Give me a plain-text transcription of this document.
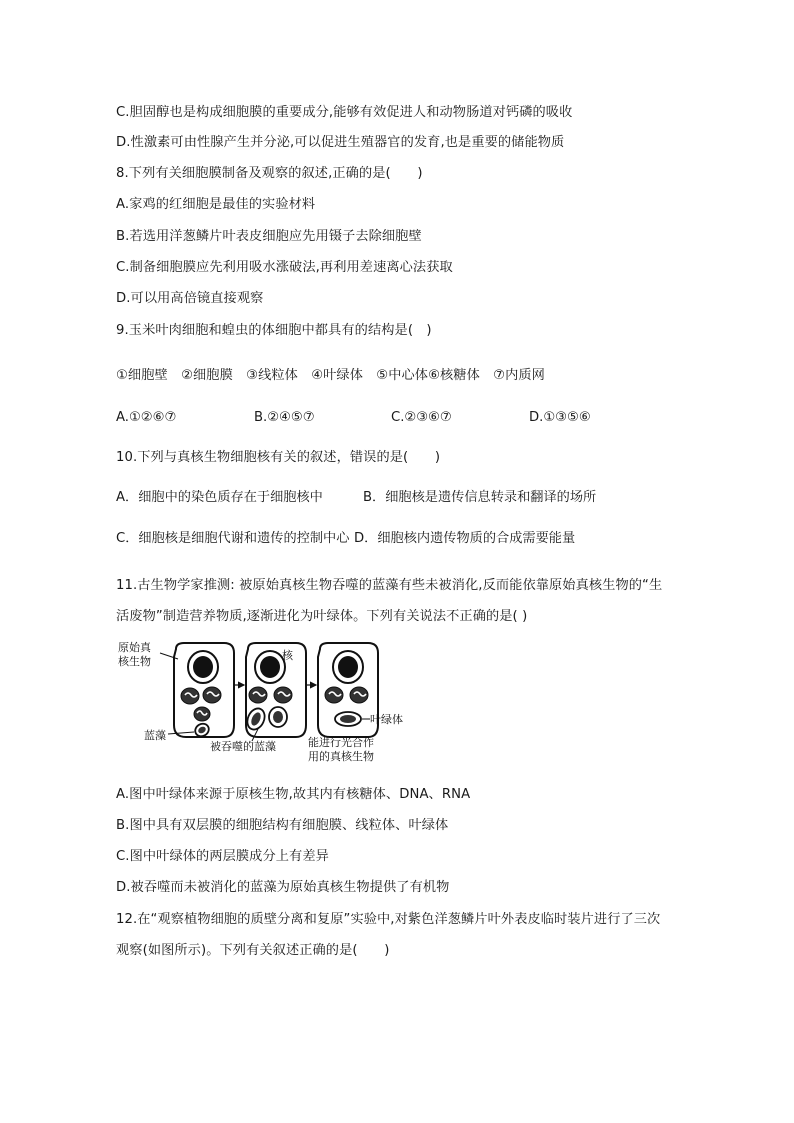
C.胆固醇也是构成细胞膜的重要成分,能够有效促进人和动物肠道对钙磷的吸收
D.性激素可由性腺产生并分泌,可以促进生殖器官的发育,也是重要的储能物质
8.下列有关细胞膜制备及观察的叙述,正确的是(　　)
A.家鸡的红细胞是最佳的实验材料
B.若选用洋葱鳞片叶表皮细胞应先用镊子去除细胞壁
C.制备细胞膜应先利用吸水涨破法,再利用差速离心法获取
D.可以用高倍镜直接观察
9.玉米叶肉细胞和蝗虫的体细胞中都具有的结构是(　)
①细胞壁　②细胞膜　③线粒体　④叶绿体　⑤中心体⑥核糖体　⑦内质网
A.①②⑥⑦	B.②④⑤⑦	C.②③⑥⑦	D.①③⑤⑥
10.下列与真核生物细胞核有关的叙述，错误的是(　　)
A．细胞中的染色质存在于细胞核中	B．细胞核是遗传信息转录和翻译的场所
C．细胞核是细胞代谢和遗传的控制中心 D．细胞核内遗传物质的合成需要能量
11.古生物学家推测: 被原始真核生物吞噬的蓝藻有些未被消化,反而能依靠原始真核生物的“生
活废物”制造营养物质,逐渐进化为叶绿体。下列有关说法不正确的是( )
原始真
核生物
蓝藻
被吞噬的蓝藻
核
叶绿体
能进行光合作
用的真核生物
A.图中叶绿体来源于原核生物,故其内有核糖体、DNA、RNA
B.图中具有双层膜的细胞结构有细胞膜、线粒体、叶绿体
C.图中叶绿体的两层膜成分上有差异
D.被吞噬而未被消化的蓝藻为原始真核生物提供了有机物
12.在“观察植物细胞的质壁分离和复原”实验中,对紫色洋葱鳞片叶外表皮临时装片进行了三次
观察(如图所示)。下列有关叙述正确的是(　　)
